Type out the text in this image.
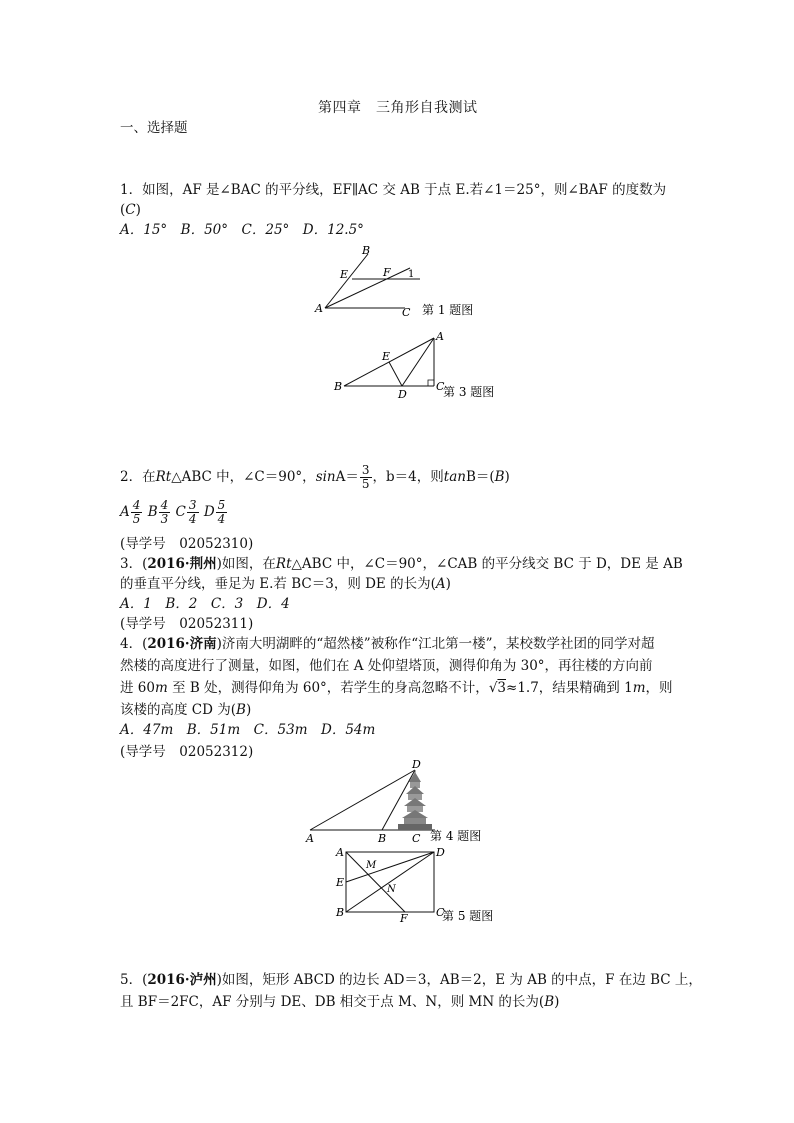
第四章　三角形自我测试
一、选择题
1．如图，AF 是∠BAC 的平分线，EF∥AC 交 AB 于点 E.若∠1＝25°，则∠BAF 的度数为
(C)
A．15°　B．50°　C．25°　D．12.5°
B
E	F 1
A	C 第 1 题图
A
E
B
D
C
第 3 题图
2．在Rt△ABC 中，∠C＝90°，$\sin A= \frac{3}{5}$ ，b＝4，则tanB＝(B)
A $\frac{4}{5}$ B $\frac{4}{3}$ C $\frac{3}{4}$ D $\frac{5}{4}$
(导学号　02052310)
3．(2016·荆州)如图，在Rt△ABC 中，∠C＝90°，∠CAB 的平分线交 BC 于 D，DE 是 AB
的垂直平分线，垂足为 E.若 BC＝3，则 DE 的长为(A)
A．1　B．2　C．3　D．4
(导学号　02052311)
4．(2016·济南)济南大明湖畔的“超然楼”被称作“江北第一楼”，某校数学社团的同学对超
然楼的高度进行了测量，如图，他们在 A 处仰望塔顶，测得仰角为 30°，再往楼的方向前
进 60m 至 B 处，测得仰角为 60°，若学生的身高忽略不计，√3≈1.7，结果精确到 1m，则
该楼的高度 CD 为(B)
A．47m　B．51m　C．53m　D．54m
(导学号　02052312)
D
A	B C 第 4 题图
A	D
M
E
N
B	F	C
第 5 题图
5．(2016·泸州)如图，矩形 ABCD 的边长 AD＝3，AB＝2，E 为 AB 的中点，F 在边 BC 上，
且 BF＝2FC，AF 分别与 DE、DB 相交于点 M、N，则 MN 的长为(B)
